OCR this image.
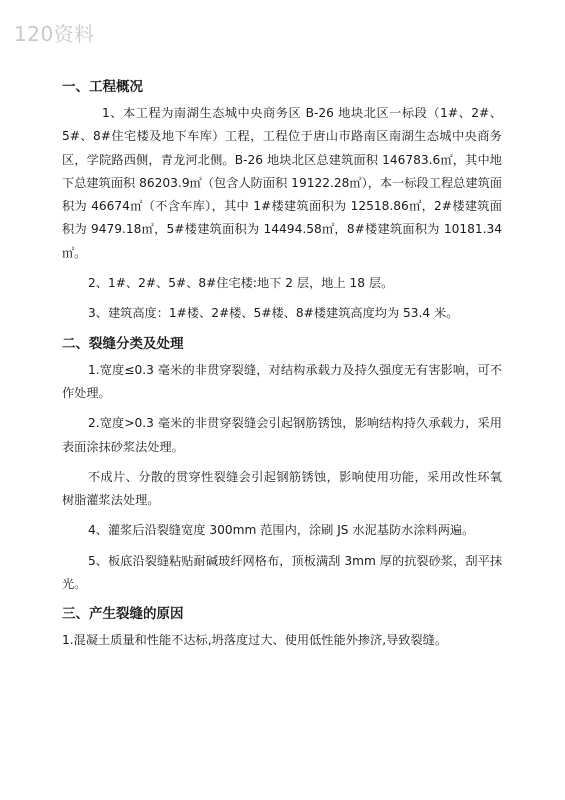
120资料
一、工程概况

1、本工程为南湖生态城中央商务区 B-26 地块北区一标段（1#、2#、5#、8#住宅楼及地下车库）工程，工程位于唐山市路南区南湖生态城中央商务区，学院路西侧，青龙河北侧。B-26 地块北区总建筑面积 146783.6㎡，其中地下总建筑面积 86203.9㎡（包含人防面积 19122.28㎡），本一标段工程总建筑面积为 46674㎡（不含车库），其中 1#楼建筑面积为 12518.86㎡，2#楼建筑面积为 9479.18㎡，5#楼建筑面积为 14494.58㎡，8#楼建筑面积为 10181.34㎡。

2、1#、2#、5#、8#住宅楼:地下 2 层，地上 18 层。

3、建筑高度：1#楼、2#楼、5#楼、8#楼建筑高度均为 53.4 米。

二、裂缝分类及处理

1.宽度≤0.3 毫米的非贯穿裂缝，对结构承载力及持久强度无有害影响，可不作处理。

2.宽度>0.3 毫米的非贯穿裂缝会引起钢筋锈蚀，影响结构持久承载力，采用表面涂抹砂浆法处理。

不成片、分散的贯穿性裂缝会引起钢筋锈蚀，影响使用功能，采用改性环氧树脂灌浆法处理。

4、灌浆后沿裂缝宽度 300mm 范围内，涂刷 JS 水泥基防水涂料两遍。

5、板底沿裂缝粘贴耐碱玻纤网格布，顶板满刮 3mm 厚的抗裂砂浆，刮平抹光。

三、产生裂缝的原因

1.混凝土质量和性能不达标,坍落度过大、使用低性能外掺济,导致裂缝。
